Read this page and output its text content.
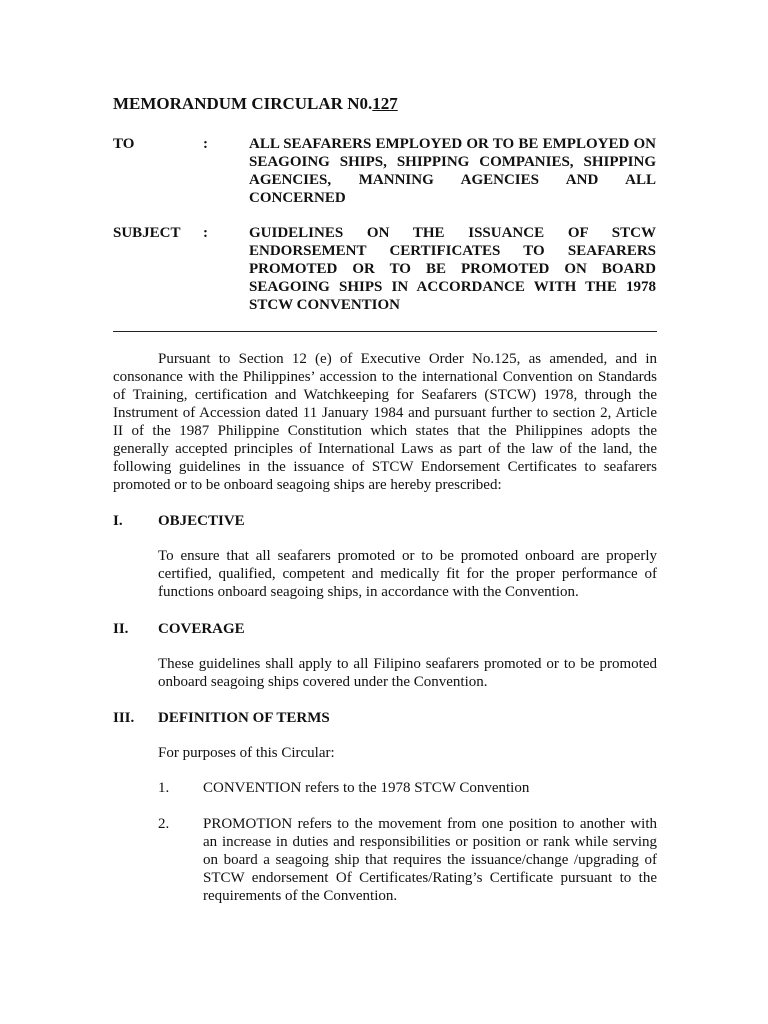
MEMORANDUM CIRCULAR N0.127
TO	:	ALL SEAFARERS EMPLOYED OR TO BE EMPLOYED ON SEAGOING SHIPS, SHIPPING COMPANIES, SHIPPING AGENCIES, MANNING AGENCIES AND ALL CONCERNED
SUBJECT :	GUIDELINES ON THE ISSUANCE OF STCW ENDORSEMENT CERTIFICATES TO SEAFARERS PROMOTED OR TO BE PROMOTED ON BOARD SEAGOING SHIPS IN ACCORDANCE WITH THE 1978 STCW CONVENTION
Pursuant to Section 12 (e) of Executive Order No.125, as amended, and in consonance with the Philippines’ accession to the international Convention on Standards of Training, certification and Watchkeeping for Seafarers (STCW) 1978, through the Instrument of Accession dated 11 January 1984 and pursuant further to section 2, Article II of the 1987 Philippine Constitution which states that the Philippines adopts the generally accepted principles of International Laws as part of the law of the land, the following guidelines in the issuance of STCW Endorsement Certificates to seafarers promoted or to be onboard seagoing ships are hereby prescribed:
I. OBJECTIVE
To ensure that all seafarers promoted or to be promoted onboard are properly certified, qualified, competent and medically fit for the proper performance of functions onboard seagoing ships, in accordance with the Convention.
II. COVERAGE
These guidelines shall apply to all Filipino seafarers promoted or to be promoted onboard seagoing ships covered under the Convention.
III. DEFINITION OF TERMS
For purposes of this Circular:
1. CONVENTION refers to the 1978 STCW Convention
2. PROMOTION refers to the movement from one position to another with an increase in duties and responsibilities or position or rank while serving on board a seagoing ship that requires the issuance/change /upgrading of STCW endorsement Of Certificates/Rating’s Certificate pursuant to the requirements of the Convention.
